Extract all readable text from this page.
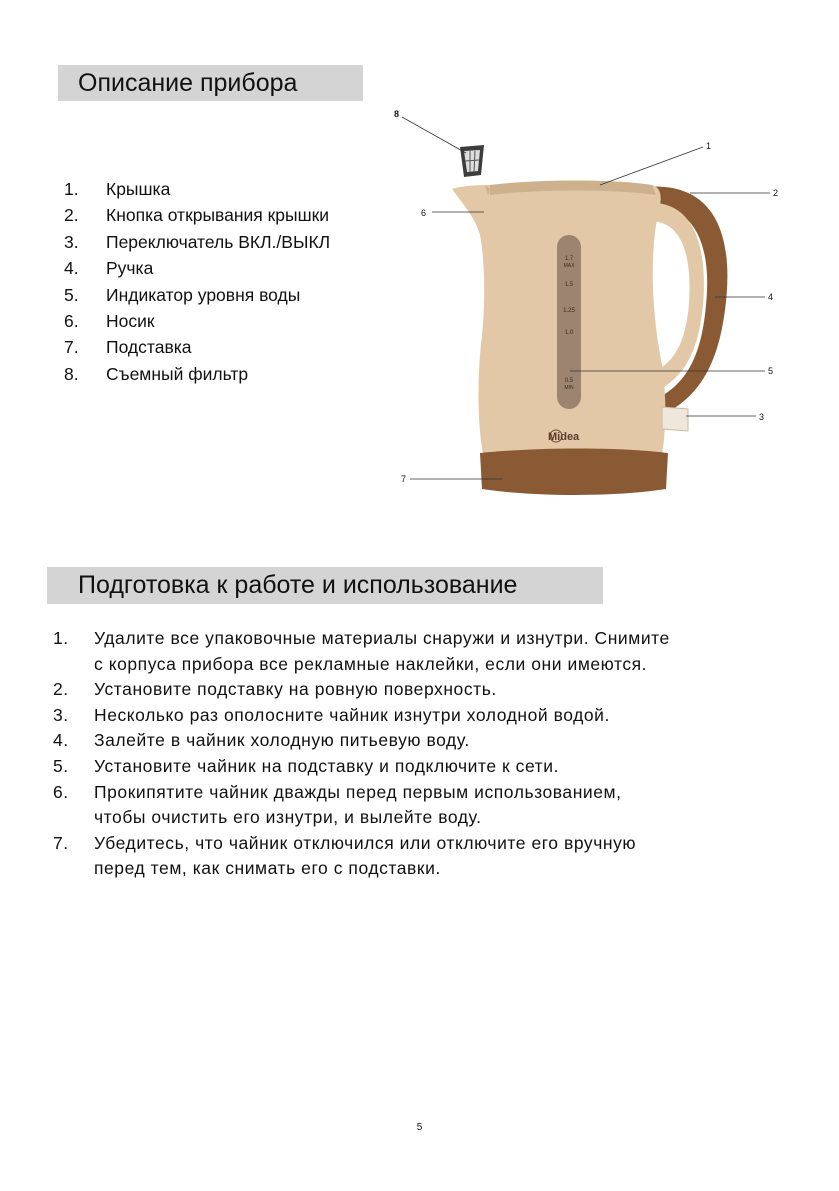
Описание прибора
1. Крышка
2. Кнопка открывания крышки
3. Переключатель ВКЛ./ВЫКЛ
4. Ручка
5. Индикатор уровня воды
6. Носик
7. Подставка
8. Съемный фильтр
1.7
MAX
1.5
1.25
1.0
0.5
MIN
Midea
1
2
3
4
5
6
7
8
Подготовка к работе и использование
1. Удалите все упаковочные материалы снаружи и изнутри. Снимите
с корпуса прибора все рекламные наклейки, если они имеются.
2. Установите подставку на ровную поверхность.
3. Несколько раз ополосните чайник изнутри холодной водой.
4. Залейте в чайник холодную питьевую воду.
5. Установите чайник на подставку и подключите к сети.
6. Прокипятите чайник дважды перед первым использованием,
чтобы очистить его изнутри, и вылейте воду.
7. Убедитесь, что чайник отключился или отключите его вручную
перед тем, как снимать его с подставки.
5
